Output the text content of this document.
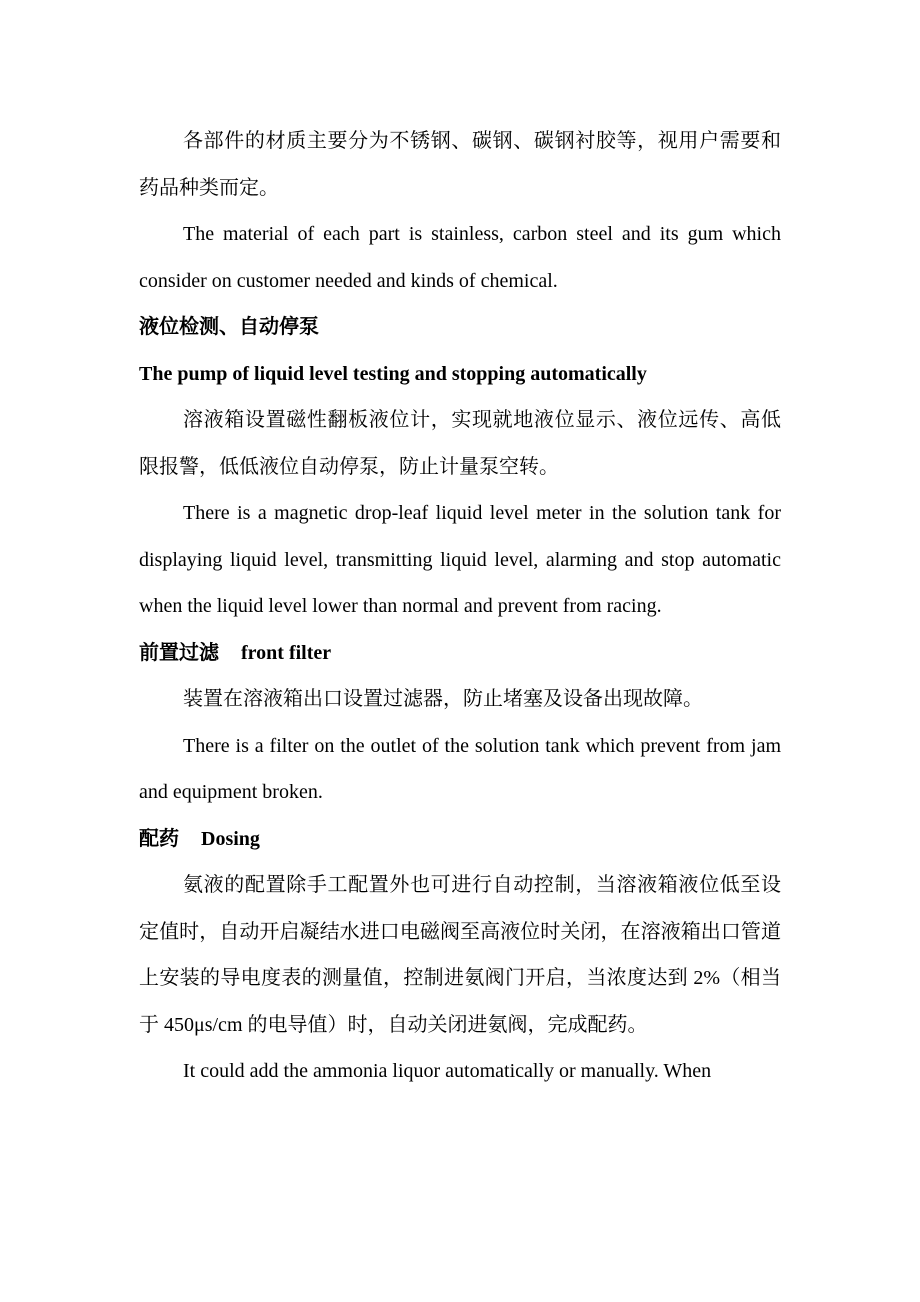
各部件的材质主要分为不锈钢、碳钢、碳钢衬胶等，视用户需要和药品种类而定。

The material of each part is stainless, carbon steel and its gum which consider on customer needed and kinds of chemical.

液位检测、自动停泵

The pump of liquid level testing and stopping automatically

溶液箱设置磁性翻板液位计，实现就地液位显示、液位远传、高低限报警，低低液位自动停泵，防止计量泵空转。

There is a magnetic drop-leaf liquid level meter in the solution tank for displaying liquid level, transmitting liquid level, alarming and stop automatic when the liquid level lower than normal and prevent from racing.

前置过滤 front filter

装置在溶液箱出口设置过滤器，防止堵塞及设备出现故障。

There is a filter on the outlet of the solution tank which prevent from jam and equipment broken.

配药 Dosing

氨液的配置除手工配置外也可进行自动控制，当溶液箱液位低至设定值时，自动开启凝结水进口电磁阀至高液位时关闭，在溶液箱出口管道上安装的导电度表的测量值，控制进氨阀门开启，当浓度达到 2%（相当于 450μs/cm 的电导值）时，自动关闭进氨阀，完成配药。

It could add the ammonia liquor automatically or manually. When
